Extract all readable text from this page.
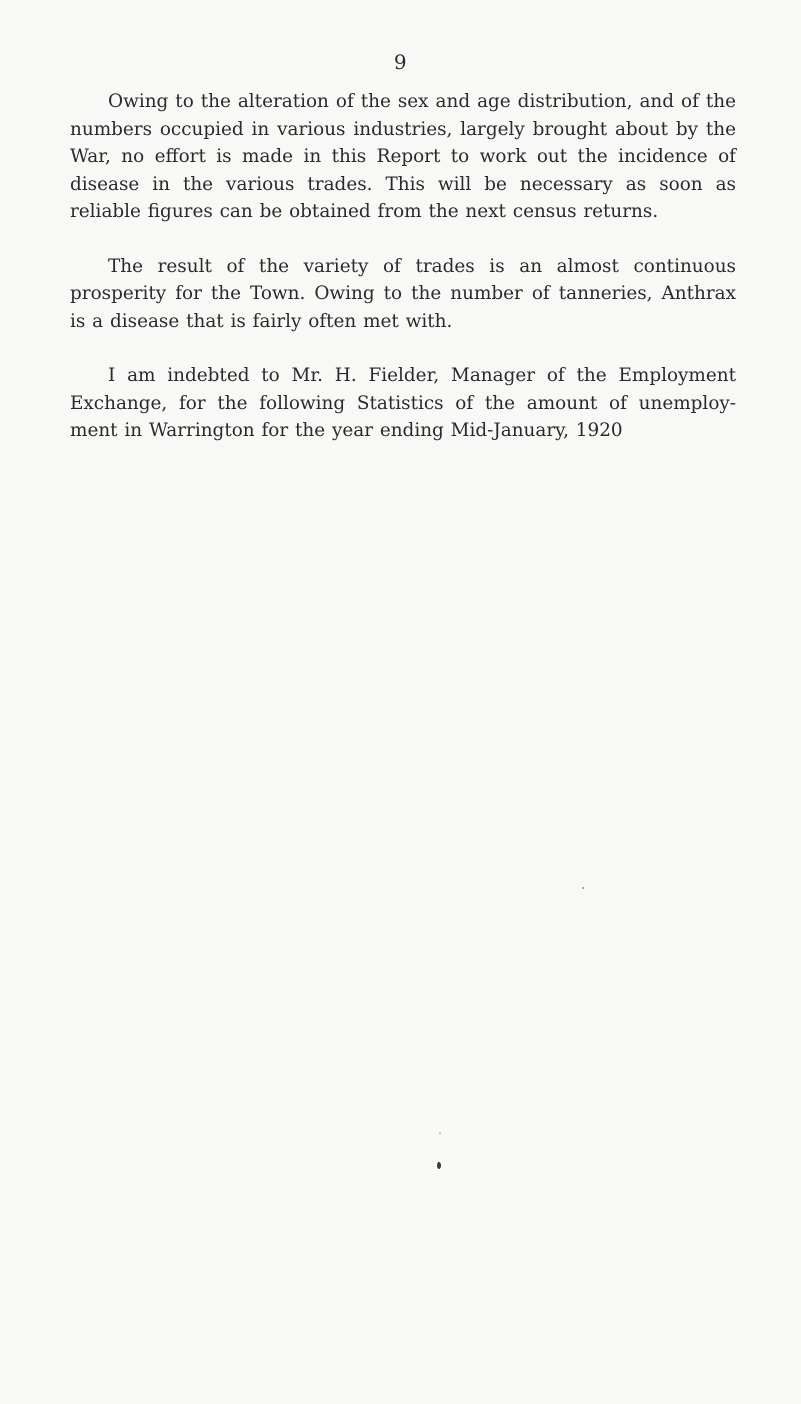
9

Owing to the alteration of the sex and age distribution, and of the numbers occupied in various industries, largely brought about by the War, no effort is made in this Report to work out the incidence of disease in the various trades. This will be necessary as soon as reliable figures can be obtained from the next census returns.

The result of the variety of trades is an almost continuous prosperity for the Town. Owing to the number of tanneries, Anthrax is a disease that is fairly often met with.

I am indebted to Mr. H. Fielder, Manager of the Employment Exchange, for the following Statistics of the amount of unemploy-ment in Warrington for the year ending Mid-January, 1920
